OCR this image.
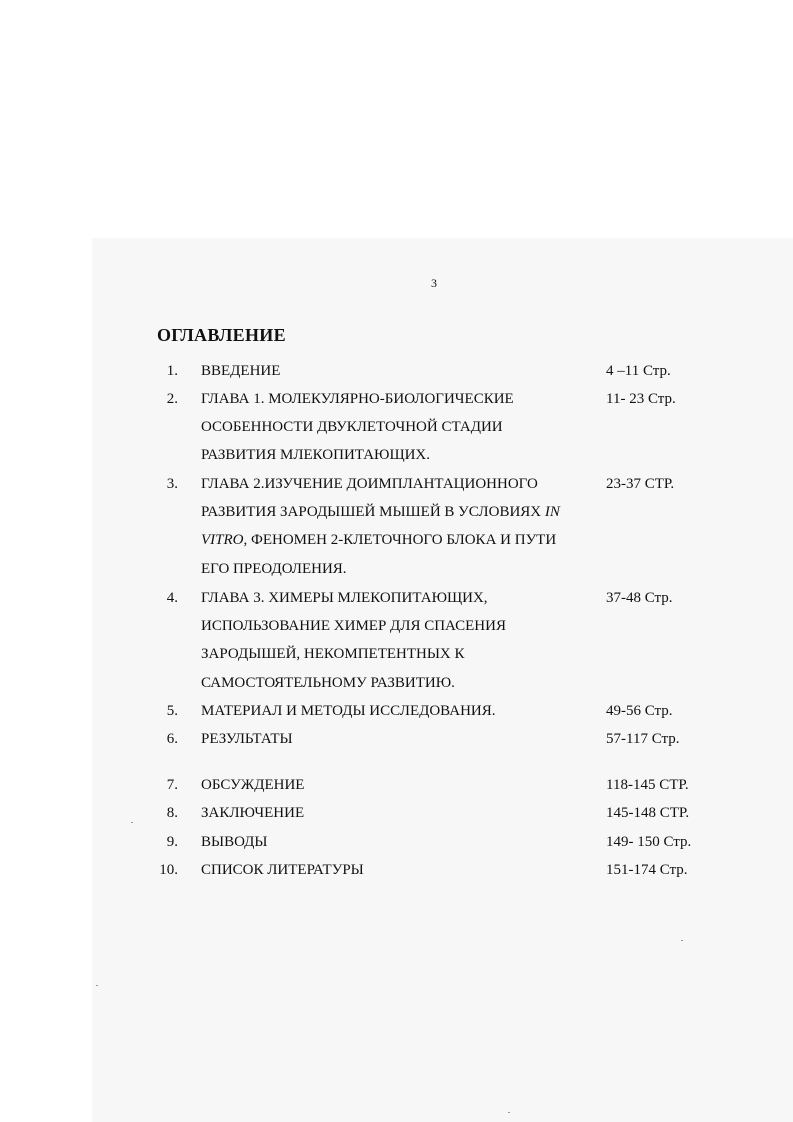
3
ОГЛАВЛЕНИЕ
1. ВВЕДЕНИЕ	4 –11 Стр.
2. ГЛАВА 1. МОЛЕКУЛЯРНО-БИОЛОГИЧЕСКИЕ	11- 23 Стр.
ОСОБЕННОСТИ ДВУКЛЕТОЧНОЙ СТАДИИ
РАЗВИТИЯ МЛЕКОПИТАЮЩИХ.
3. ГЛАВА 2.ИЗУЧЕНИЕ ДОИМПЛАНТАЦИОННОГО	23-37 СТР.
РАЗВИТИЯ ЗАРОДЫШЕЙ МЫШЕЙ В УСЛОВИЯХ IN
VITRO, ФЕНОМЕН 2-КЛЕТОЧНОГО БЛОКА И ПУТИ
ЕГО ПРЕОДОЛЕНИЯ.
4. ГЛАВА 3. ХИМЕРЫ МЛЕКОПИТАЮЩИХ,	37-48 Стр.
ИСПОЛЬЗОВАНИЕ ХИМЕР ДЛЯ СПАСЕНИЯ
ЗАРОДЫШЕЙ, НЕКОМПЕТЕНТНЫХ К
САМОСТОЯТЕЛЬНОМУ РАЗВИТИЮ.
5. МАТЕРИАЛ И МЕТОДЫ ИССЛЕДОВАНИЯ.	49-56 Стр.
6. РЕЗУЛЬТАТЫ	57-117 Стр.
7. ОБСУЖДЕНИЕ	118-145 СТР.
8. ЗАКЛЮЧЕНИЕ	145-148 СТР.
9. ВЫВОДЫ	149- 150 Стр.
10. СПИСОК ЛИТЕРАТУРЫ	151-174 Стр.
